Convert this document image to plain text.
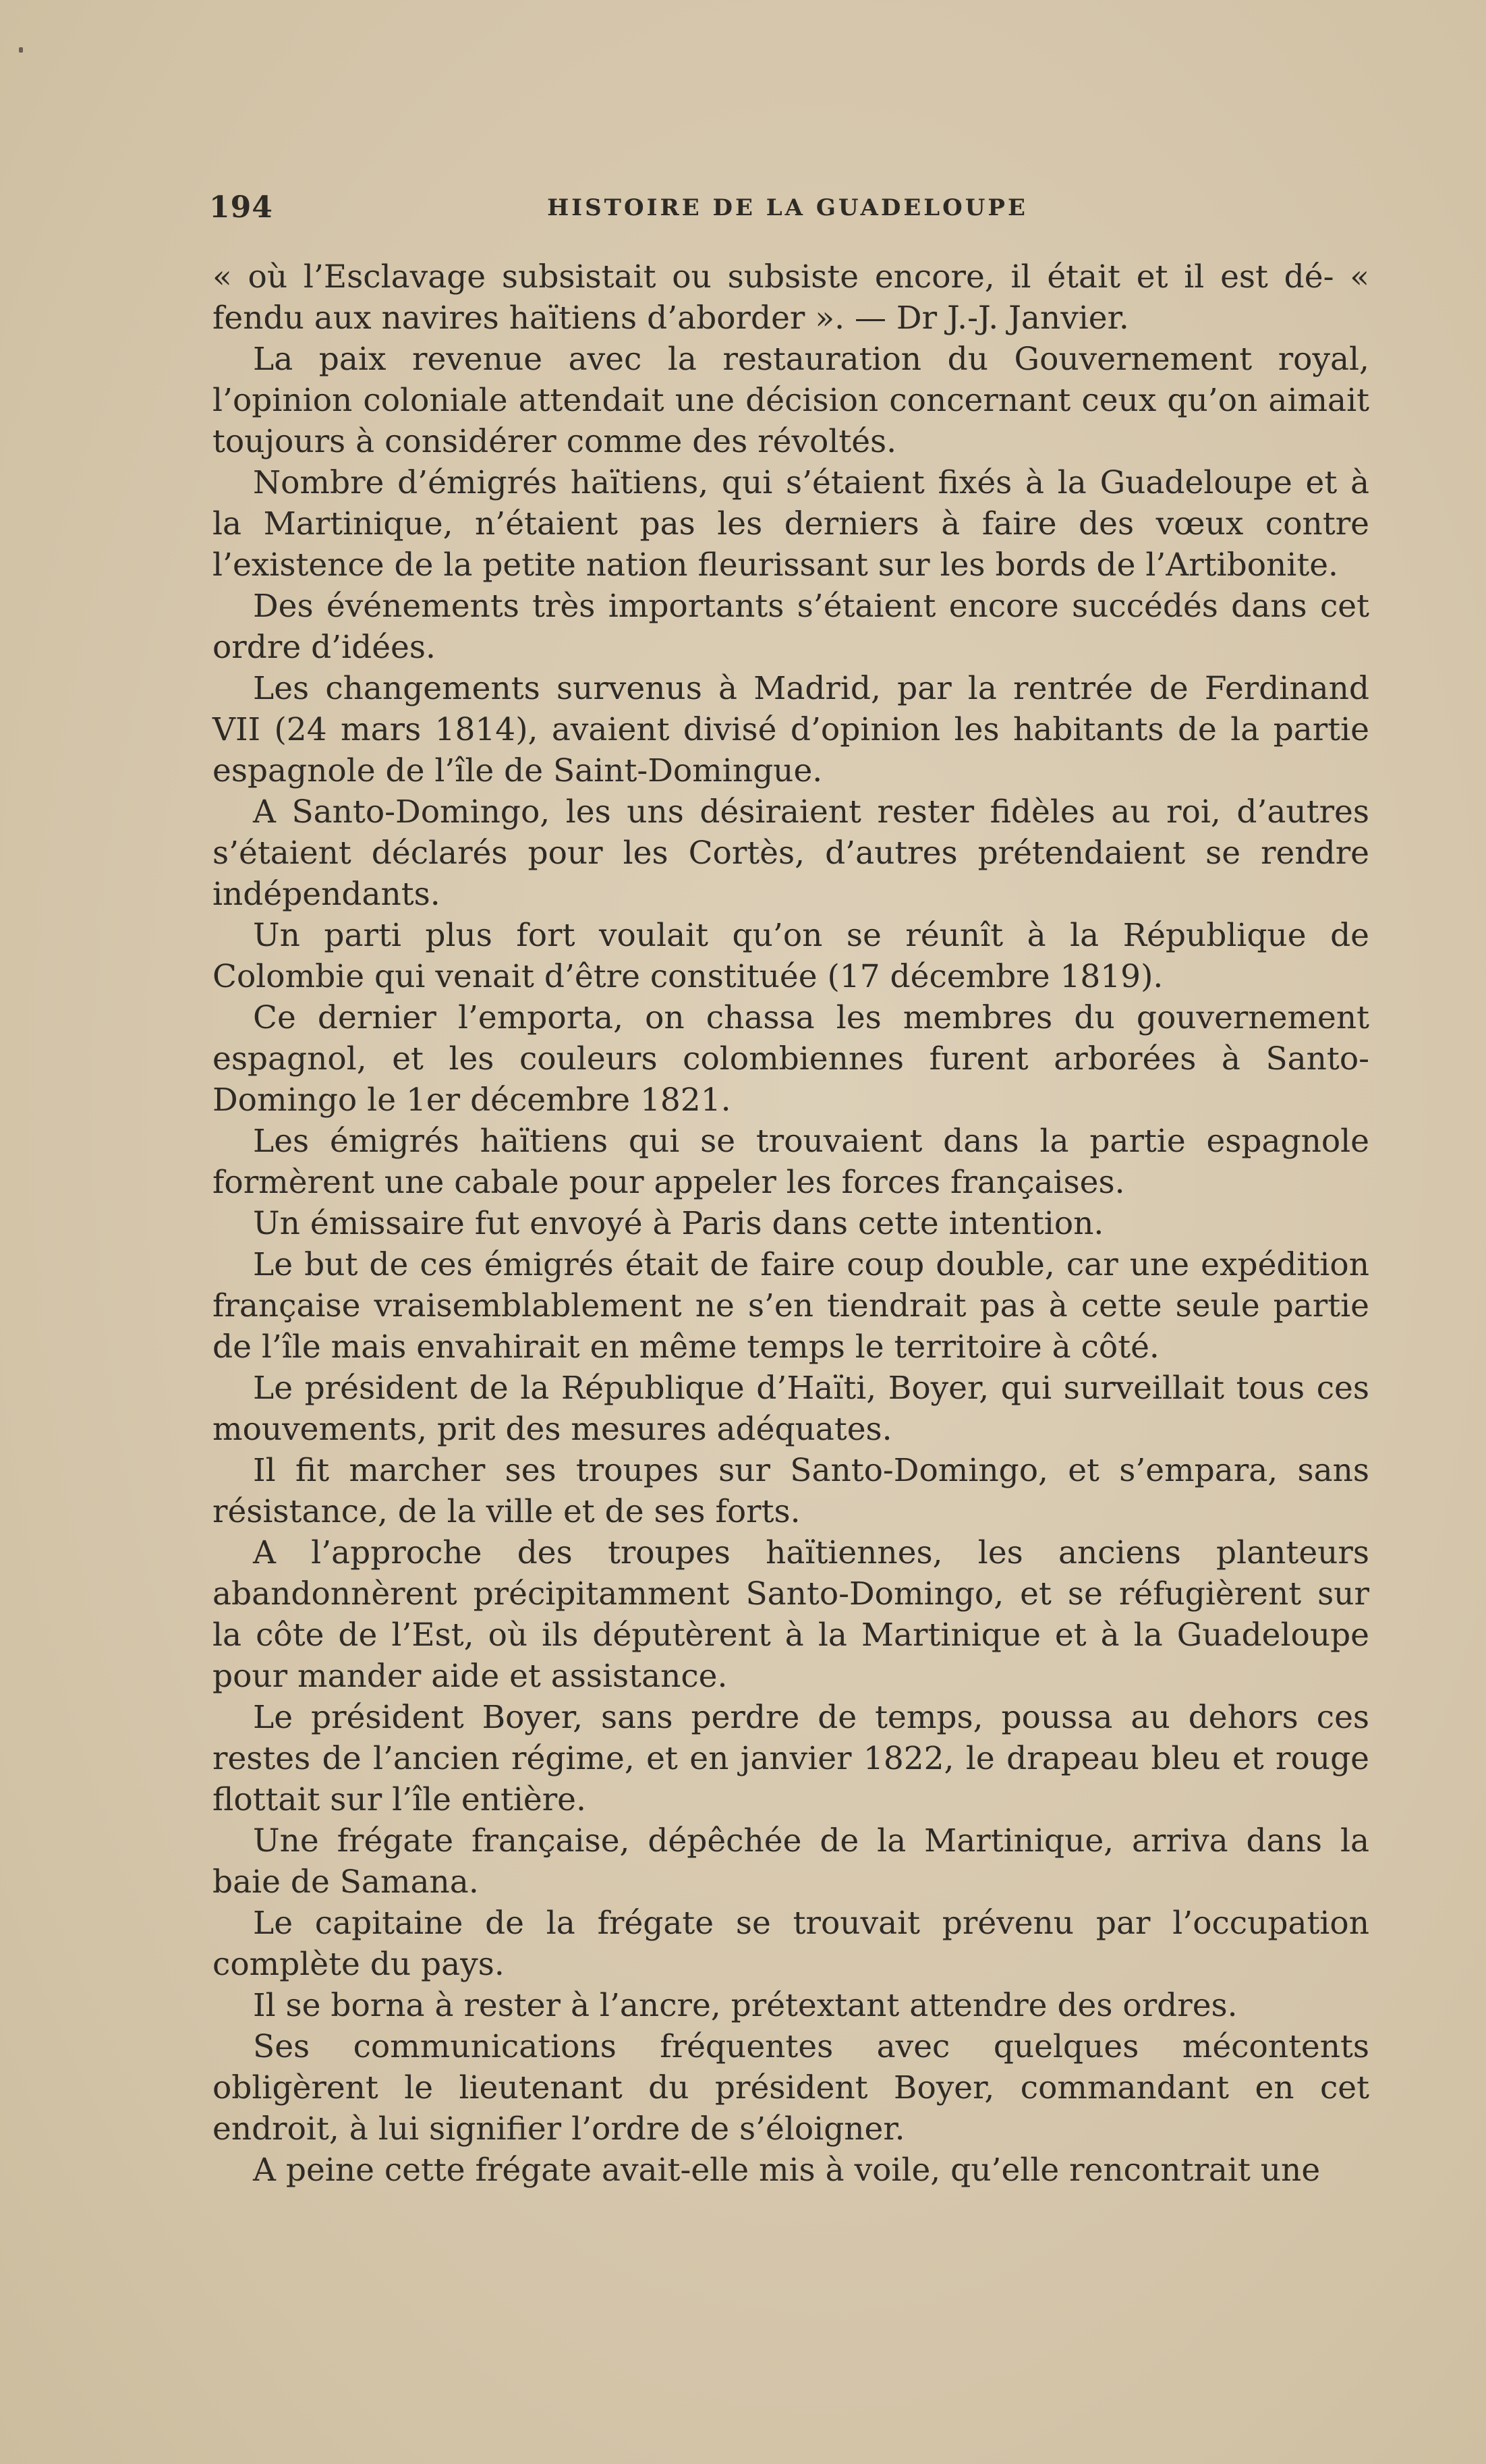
194	HISTOIRE DE LA GUADELOUPE

« où l’Esclavage subsistait ou subsiste encore, il était et il est dé- « fendu aux navires haïtiens d’aborder ». — Dr J.-J. Janvier.

La paix revenue avec la restauration du Gouvernement royal, l’opinion coloniale attendait une décision concernant ceux qu’on aimait toujours à considérer comme des révoltés.

Nombre d’émigrés haïtiens, qui s’étaient fixés à la Guadeloupe et à la Martinique, n’étaient pas les derniers à faire des vœux contre l’existence de la petite nation fleurissant sur les bords de l’Artibonite.

Des événements très importants s’étaient encore succédés dans cet ordre d’idées.

Les changements survenus à Madrid, par la rentrée de Ferdinand VII (24 mars 1814), avaient divisé d’opinion les habitants de la partie espagnole de l’île de Saint-Domingue.

A Santo-Domingo, les uns désiraient rester fidèles au roi, d’autres s’étaient déclarés pour les Cortès, d’autres prétendaient se rendre indépendants.

Un parti plus fort voulait qu’on se réunît à la République de Colombie qui venait d’être constituée (17 décembre 1819).

Ce dernier l’emporta, on chassa les membres du gouvernement espagnol, et les couleurs colombiennes furent arborées à Santo-Domingo le 1er décembre 1821.

Les émigrés haïtiens qui se trouvaient dans la partie espagnole formèrent une cabale pour appeler les forces françaises.

Un émissaire fut envoyé à Paris dans cette intention.

Le but de ces émigrés était de faire coup double, car une expédition française vraisemblablement ne s’en tiendrait pas à cette seule partie de l’île mais envahirait en même temps le territoire à côté.

Le président de la République d’Haïti, Boyer, qui surveillait tous ces mouvements, prit des mesures adéquates.

Il fit marcher ses troupes sur Santo-Domingo, et s’empara, sans résistance, de la ville et de ses forts.

A l’approche des troupes haïtiennes, les anciens planteurs abandonnèrent précipitamment Santo-Domingo, et se réfugièrent sur la côte de l’Est, où ils députèrent à la Martinique et à la Guadeloupe pour mander aide et assistance.

Le président Boyer, sans perdre de temps, poussa au dehors ces restes de l’ancien régime, et en janvier 1822, le drapeau bleu et rouge flottait sur l’île entière.

Une frégate française, dépêchée de la Martinique, arriva dans la baie de Samana.

Le capitaine de la frégate se trouvait prévenu par l’occupation complète du pays.

Il se borna à rester à l’ancre, prétextant attendre des ordres.

Ses communications fréquentes avec quelques mécontents obligèrent le lieutenant du président Boyer, commandant en cet endroit, à lui signifier l’ordre de s’éloigner.

A peine cette frégate avait-elle mis à voile, qu’elle rencontrait une
